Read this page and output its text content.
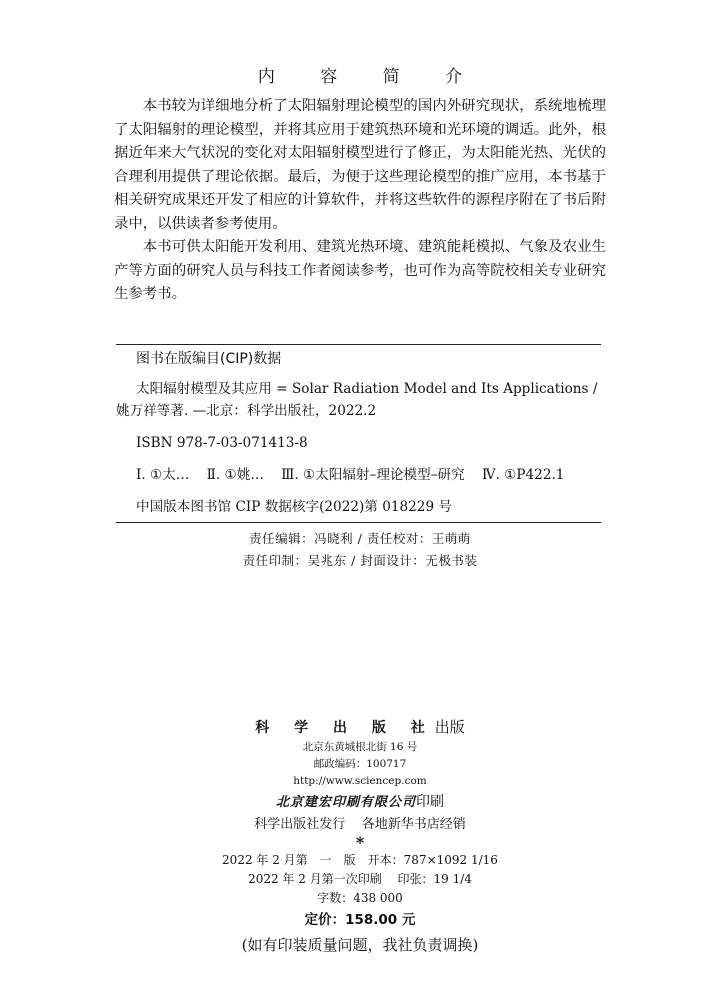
内 容 简 介

本书较为详细地分析了太阳辐射理论模型的国内外研究现状，系统地梳理了太阳辐射的理论模型，并将其应用于建筑热环境和光环境的调适。此外，根据近年来大气状况的变化对太阳辐射模型进行了修正，为太阳能光热、光伏的合理利用提供了理论依据。最后，为便于这些理论模型的推广应用，本书基于相关研究成果还开发了相应的计算软件，并将这些软件的源程序附在了书后附录中，以供读者参考使用。

本书可供太阳能开发利用、建筑光热环境、建筑能耗模拟、气象及农业生产等方面的研究人员与科技工作者阅读参考，也可作为高等院校相关专业研究生参考书。

图书在版编目(CIP)数据
太阳辐射模型及其应用 = Solar Radiation Model and Its Applications /
姚万祥等著. —北京：科学出版社，2022.2
ISBN 978-7-03-071413-8
Ⅰ. ①太…    Ⅱ. ①姚…    Ⅲ. ①太阳辐射–理论模型–研究    Ⅳ. ①P422.1
中国版本图书馆 CIP 数据核字(2022)第 018229 号
责任编辑：冯晓利 / 责任校对：王萌萌
责任印制：吴兆东 / 封面设计：无极书装
科 学 出 版 社出版
北京东黄城根北街 16 号
邮政编码：100717
http://www.sciencep.com
北京建宏印刷有限公司印刷
科学出版社发行    各地新华书店经销
*
2022 年 2 月第　一　版　开本：787×1092 1/16
2022 年 2 月第一次印刷　 印张：19 1/4
字数：438 000
定价：158.00 元
(如有印装质量问题，我社负责调换)
